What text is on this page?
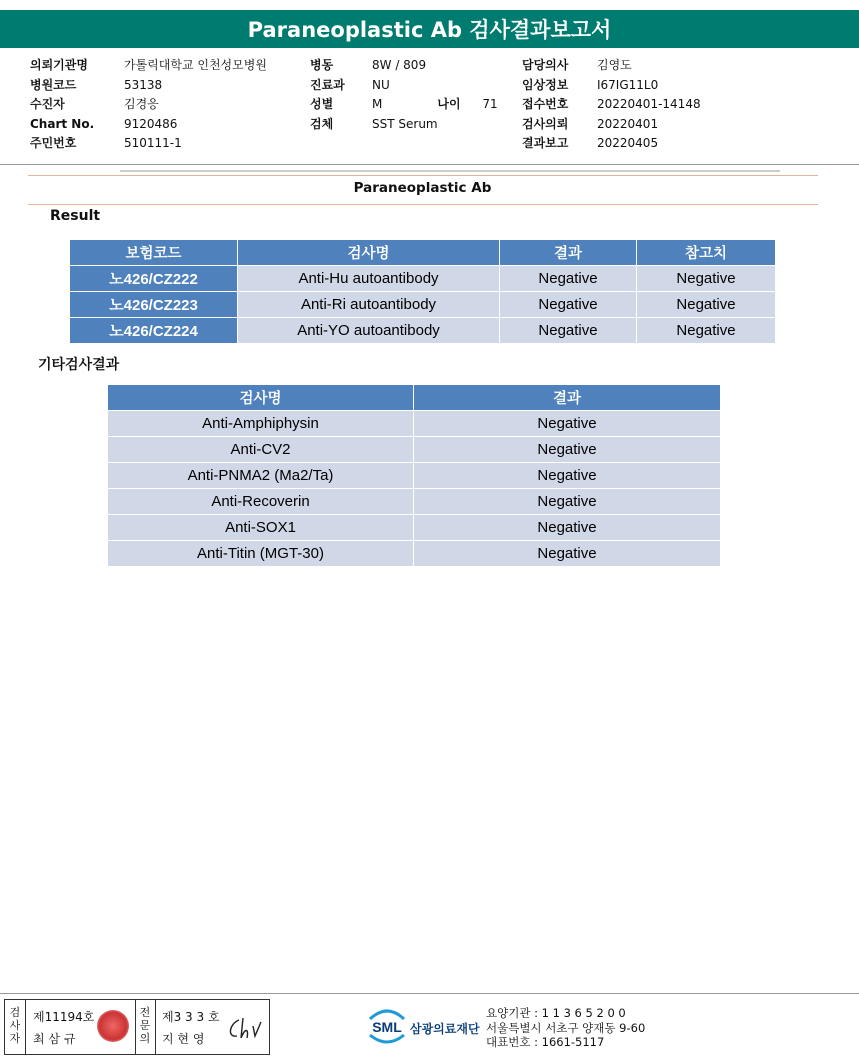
Paraneoplastic Ab 검사결과보고서
의뢰기관명	가톨릭대학교 인천성모병원
병원코드	53138
수진자	김경응
Chart No.	9120486
주민번호	510111-1
병동	8W / 809
진료과	NU
성별	M	나이	71
검체	SST Serum
담당의사	김영도
임상정보	I67IG11L0
접수번호	20220401-14148
검사의뢰	20220401
결과보고	20220405
Paraneoplastic Ab
Result
보험코드	검사명	결과	참고치
노426/CZ222	Anti-Hu autoantibody	Negative	Negative
노426/CZ223	Anti-Ri autoantibody	Negative	Negative
노426/CZ224	Anti-YO autoantibody	Negative	Negative
기타검사결과
검사명	결과
Anti-Amphiphysin	Negative
Anti-CV2	Negative
Anti-PNMA2 (Ma2/Ta)	Negative
Anti-Recoverin	Negative
Anti-SOX1	Negative
Anti-Titin (MGT-30)	Negative
검사자
제11194호
최 삼 규
전문의
제3 3 3 호
지 현 영
SML 삼광의료재단
요양기관 : 1 1 3 6 5 2 0 0
서울특별시 서초구 양재동 9-60
대표번호 : 1661-5117
